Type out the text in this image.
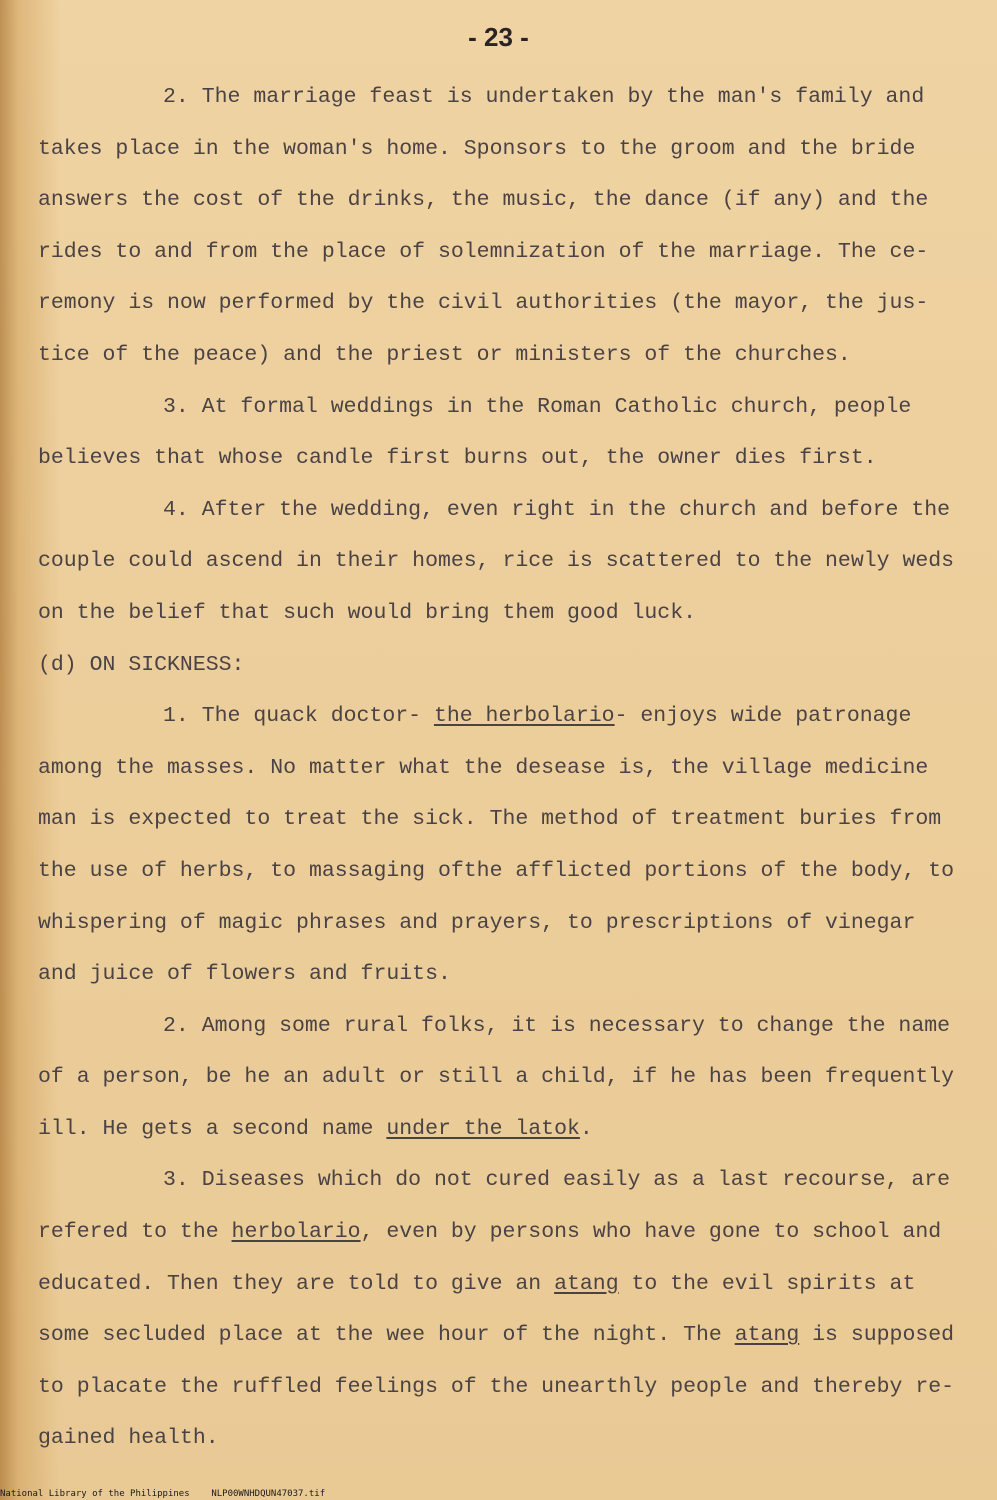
- 23 -
2. The marriage feast is undertaken by the man's family and
takes place in the woman's home. Sponsors to the groom and the bride
answers the cost of the drinks, the music, the dance (if any) and the
rides to and from the place of solemnization of the marriage. The ce-
remony is now performed by the civil authorities (the mayor, the jus-
tice of the peace) and the priest or ministers of the churches.
3. At formal weddings in the Roman Catholic church, people
believes that whose candle first burns out, the owner dies first.
4. After the wedding, even right in the church and before the
couple could ascend in their homes, rice is scattered to the newly weds
on the belief that such would bring them good luck.
(d) ON SICKNESS:
1. The quack doctor- the herbolario- enjoys wide patronage
among the masses. No matter what the desease is, the village medicine
man is expected to treat the sick. The method of treatment buries from
the use of herbs, to massaging ofthe afflicted portions of the body, to
whispering of magic phrases and prayers, to prescriptions of vinegar
and juice of flowers and fruits.
2. Among some rural folks, it is necessary to change the name
of a person, be he an adult or still a child, if he has been frequently
ill. He gets a second name under the latok.
3. Diseases which do not cured easily as a last recourse, are
refered to the herbolario, even by persons who have gone to school and
educated. Then they are told to give an atang to the evil spirits at
some secluded place at the wee hour of the night. The atang is supposed
to placate the ruffled feelings of the unearthly people and thereby re-
gained health.
National Library of the Philippines    NLP00WNHDQUN47037.tif
